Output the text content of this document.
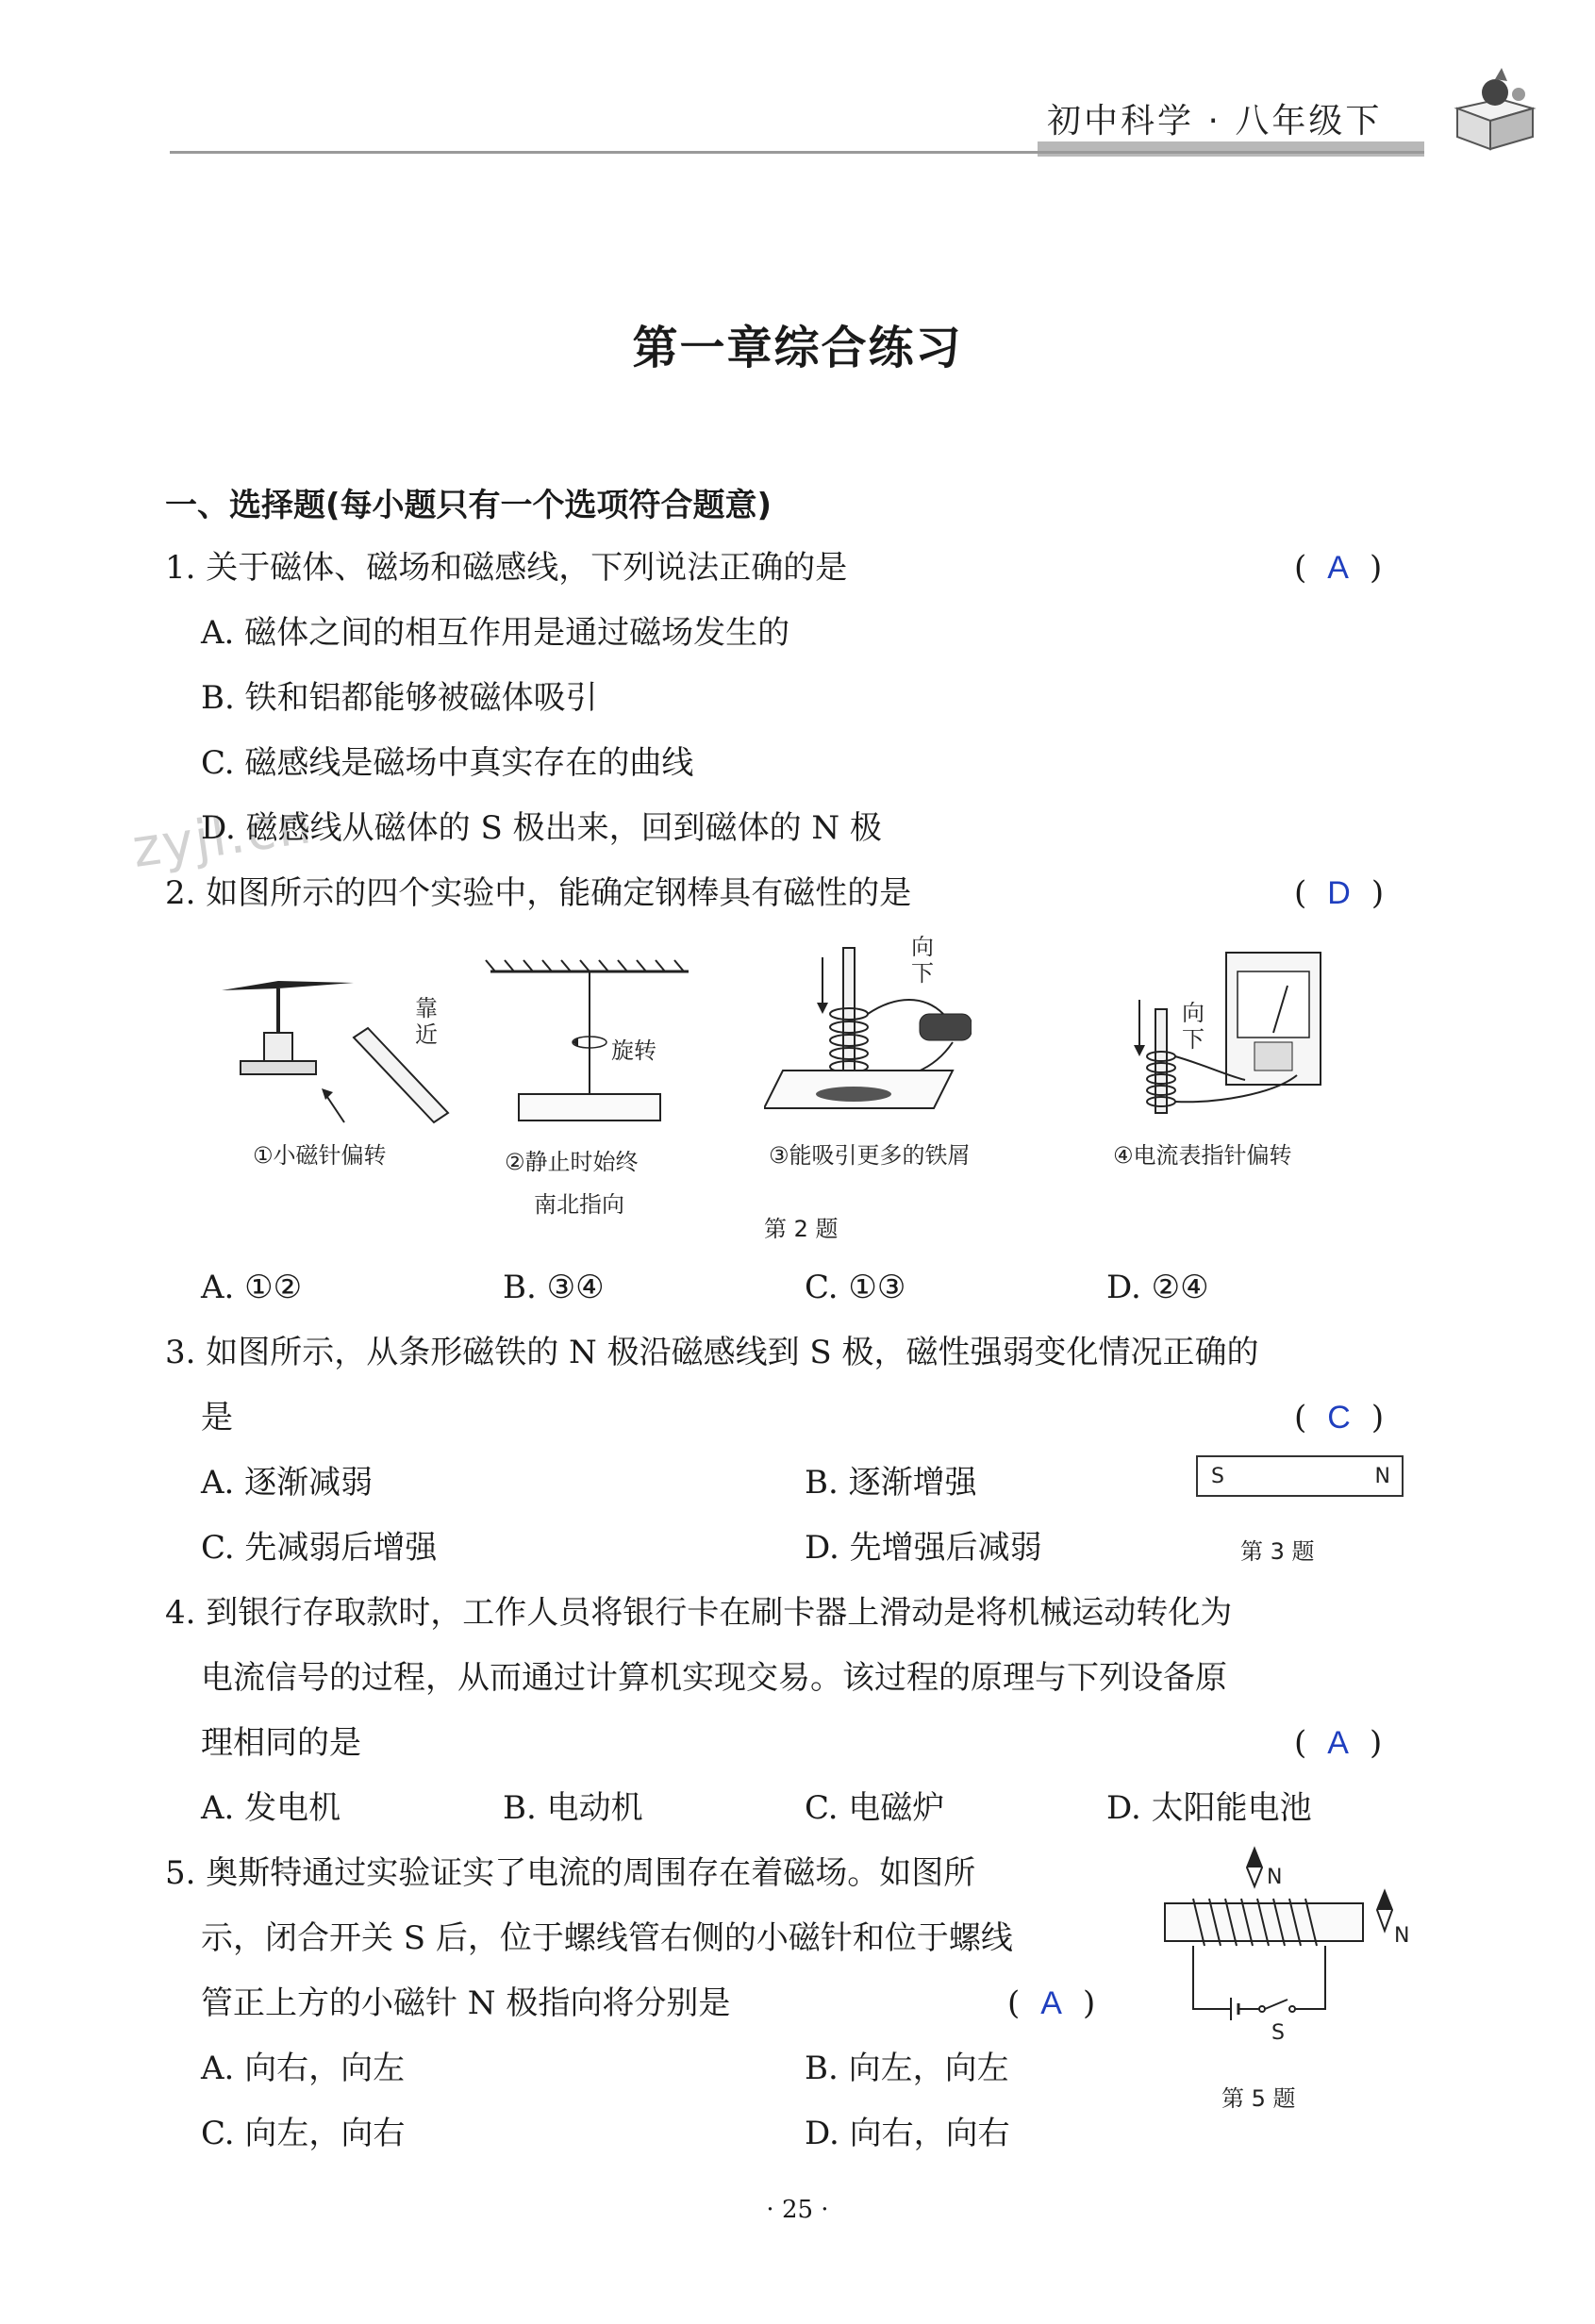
初中科学 · 八年级下
第一章综合练习
一、选择题(每小题只有一个选项符合题意)
zyjl.cn
1. 关于磁体、磁场和磁感线，下列说法正确的是	( A )
A. 磁体之间的相互作用是通过磁场发生的
B. 铁和铝都能够被磁体吸引
C. 磁感线是磁场中真实存在的曲线
D. 磁感线从磁体的 S 极出来，回到磁体的 N 极
2. 如图所示的四个实验中，能确定钢棒具有磁性的是	( D )
靠近
旋转
向下
向下
①小磁针偏转	②静止时始终
南北指向
③能吸引更多的铁屑	④电流表指针偏转
第 2 题
A. ①②	B. ③④	C. ①③	D. ②④
3. 如图所示，从条形磁铁的 N 极沿磁感线到 S 极，磁性强弱变化情况正确的
是	( C )
A. 逐渐减弱	B. 逐渐增强
C. 先减弱后增强	D. 先增强后减弱
S	N
第 3 题
4. 到银行存取款时，工作人员将银行卡在刷卡器上滑动是将机械运动转化为
电流信号的过程，从而通过计算机实现交易。该过程的原理与下列设备原
理相同的是	( A )
A. 发电机	B. 电动机	C. 电磁炉	D. 太阳能电池
5. 奥斯特通过实验证实了电流的周围存在着磁场。如图所
示，闭合开关 S 后，位于螺线管右侧的小磁针和位于螺线
管正上方的小磁针 N 极指向将分别是	( A )
A. 向右，向左	B. 向左，向左
C. 向左，向右	D. 向右，向右
N
N
S
第 5 题
· 25 ·
